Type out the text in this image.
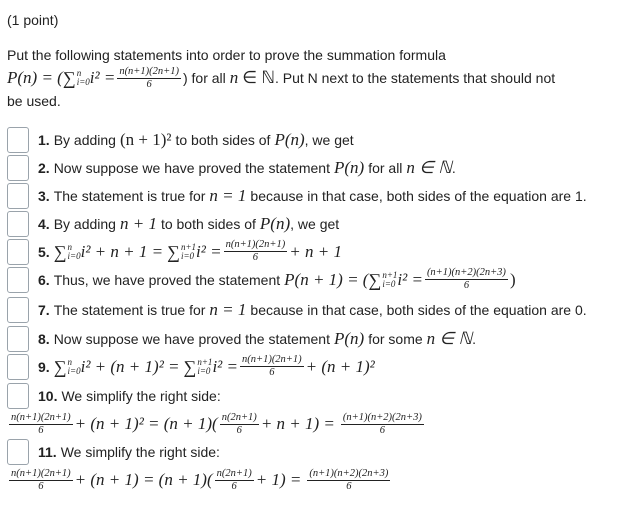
(1 point)
Put the following statements into order to prove the summation formula
P(n) = ( ∑ n
i=0 $i^2 = \frac{n(n+1)(2n+1)}{6}$ ) for all n ∈ ℕ . Put N next to the statements that should not
be used.
1. By adding (n + 1)² to both sides of P(n) , we get
2. Now suppose we have proved the statement P(n) for all n ∈ ℕ .
3. The statement is true for n = 1 because in that case, both sides of the equation are 1.
4. By adding n + 1 to both sides of P(n) , we get
5. ∑ n
i=0 i² + n + 1 = ∑ n+1
i=0 $i^2 = \frac{n(n+1)(2n+1)}{6} + n + 1$
6. Thus, we have proved the statement P(n + 1) = ( ∑ n+1
i=0 $i^2 = \frac{(n+1)(n+2)(2n+3)}{6}$ )
7. The statement is true for n = 1 because in that case, both sides of the equation are 0.
8. Now suppose we have proved the statement P(n) for some n ∈ ℕ .
9. ∑ n
i=0 i² + (n + 1)² = ∑ n+1
i=0 $i^2 = \frac{n(n+1)(2n+1)}{6} + (n + 1)^2$
10. We simplify the right side:
$\frac{n(n+1)(2n+1)}{6} + (n + 1)^2 = (n + 1)( \frac{n(2n+1)}{6} + n + 1) = \frac{(n+1)(n+2)(2n+3)}{6}$
11. We simplify the right side:
$\frac{n(n+1)(2n+1)}{6} + (n + 1) = (n + 1)( \frac{n(2n+1)}{6} + 1) = \frac{(n+1)(n+2)(2n+3)}{6}$
